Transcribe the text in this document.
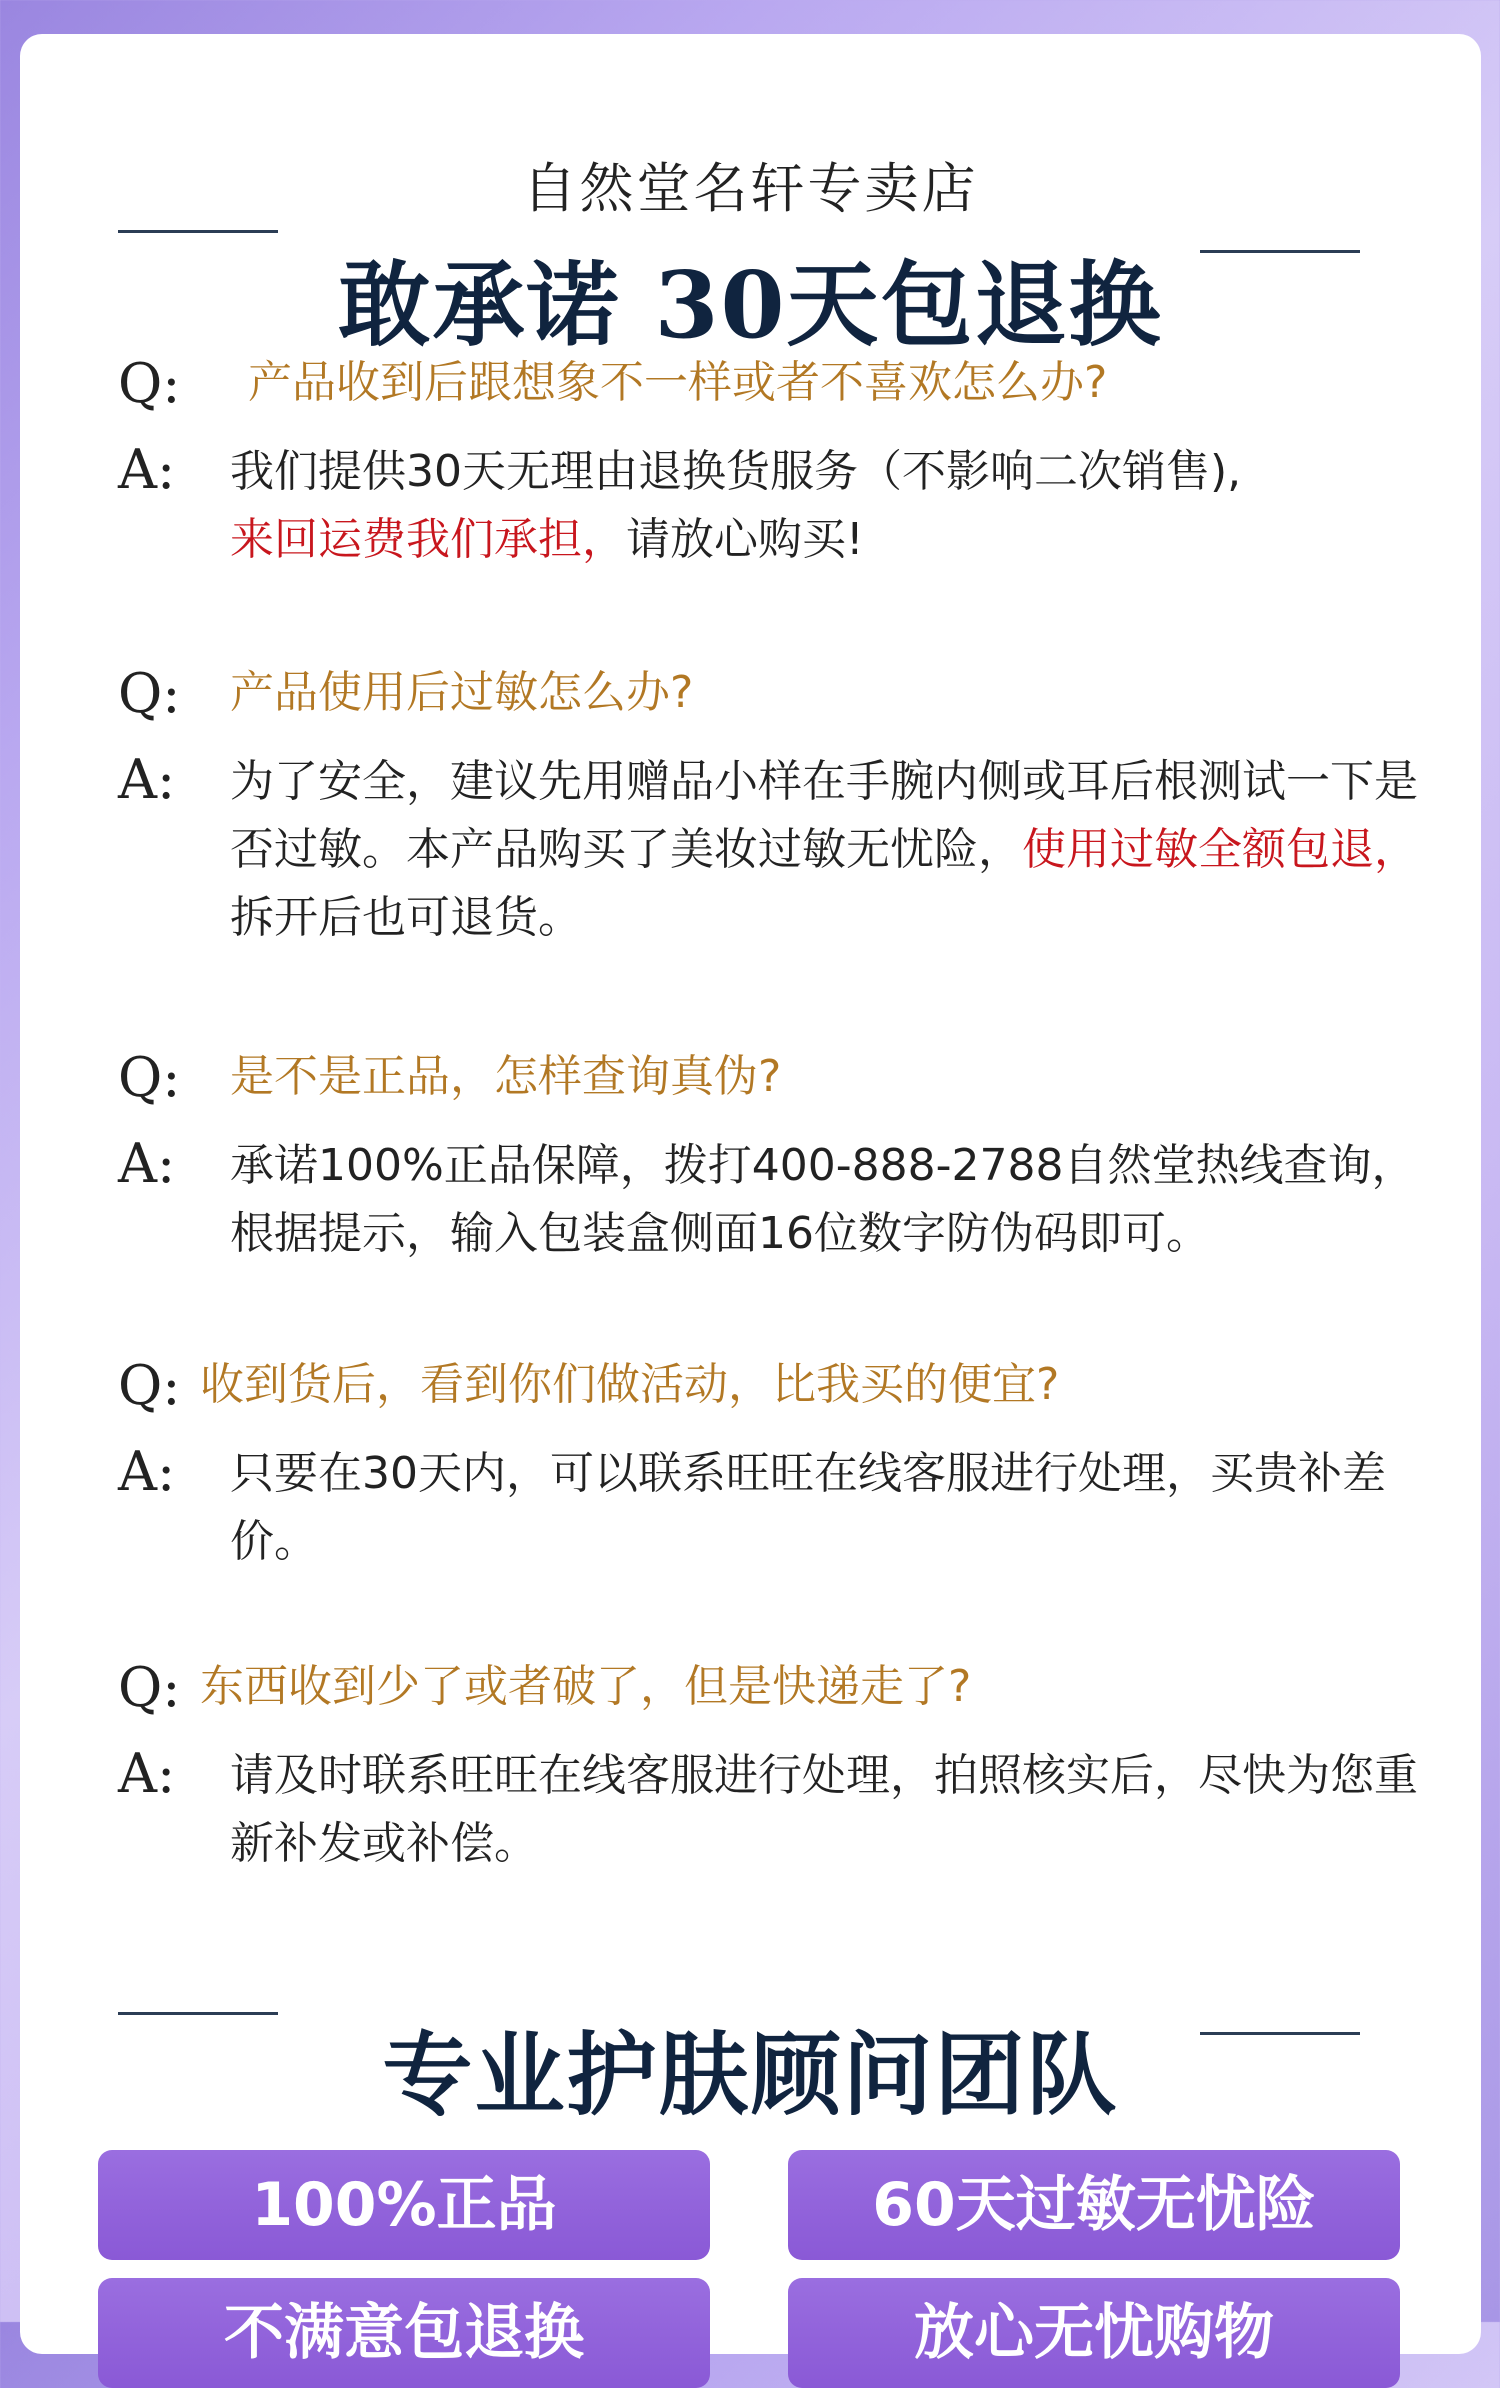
自然堂名轩专卖店
敢承诺 30天包退换
Q: 产品收到后跟想象不一样或者不喜欢怎么办?
A: 我们提供30天无理由退换货服务（不影响二次销售),
来回运费我们承担，请放心购买!
Q: 产品使用后过敏怎么办?
A: 为了安全，建议先用赠品小样在手腕内侧或耳后根测试一下是否过敏。本产品购买了美妆过敏无忧险，使用过敏全额包退，拆开后也可退货。
Q: 是不是正品，怎样查询真伪?
A: 承诺100%正品保障，拨打400-888-2788自然堂热线查询，根据提示，输入包装盒侧面16位数字防伪码即可。
Q: 收到货后，看到你们做活动，比我买的便宜?
A: 只要在30天内，可以联系旺旺在线客服进行处理，买贵补差价。
Q: 东西收到少了或者破了，但是快递走了?
A: 请及时联系旺旺在线客服进行处理，拍照核实后，尽快为您重新补发或补偿。
专业护肤顾问团队
100%正品	60天过敏无忧险
不满意包退换	放心无忧购物
